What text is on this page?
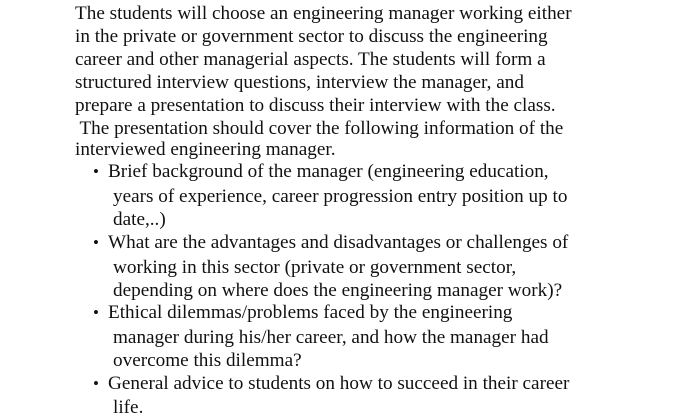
The students will choose an engineering manager working either
in the private or government sector to discuss the engineering
career and other managerial aspects. The students will form a
structured interview questions, interview the manager, and
prepare a presentation to discuss their interview with the class.
The presentation should cover the following information of the
interviewed engineering manager.
• Brief background of the manager (engineering education,
years of experience, career progression entry position up to
date,..)
• What are the advantages and disadvantages or challenges of
working in this sector (private or government sector,
depending on where does the engineering manager work)?
• Ethical dilemmas/problems faced by the engineering
manager during his/her career, and how the manager had
overcome this dilemma?
• General advice to students on how to succeed in their career
life.
